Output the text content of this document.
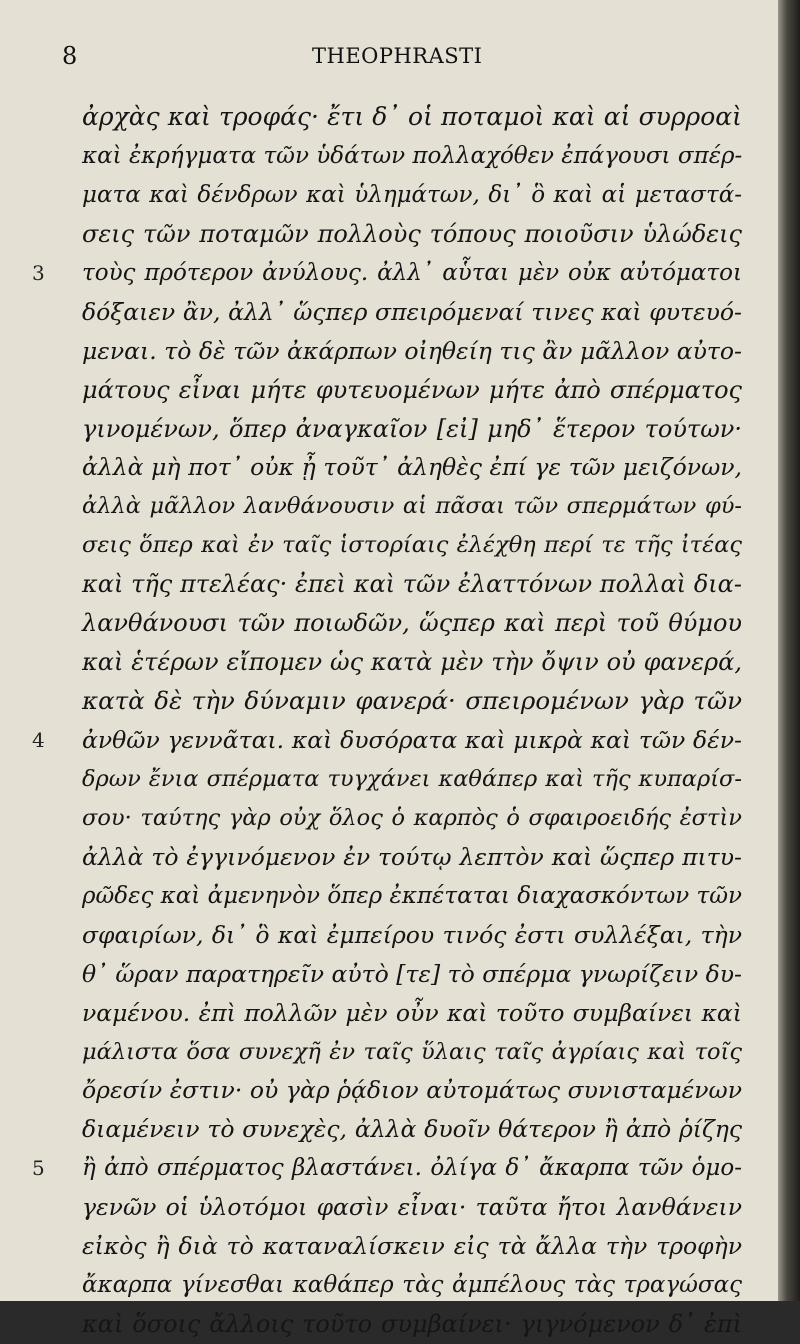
8	THEOPHRASTI
ἀρχὰς καὶ τροφάς· ἔτι δ᾽ οἱ ποταμοὶ καὶ αἱ συρροαὶ
καὶ ἐκρήγματα τῶν ὑδάτων πολλαχόθεν ἐπάγουσι σπέρ-
ματα καὶ δένδρων καὶ ὑλημάτων, δι᾽ ὃ καὶ αἱ μεταστά-
σεις τῶν ποταμῶν πολλοὺς τόπους ποιοῦσιν ὑλώδεις
3 τοὺς πρότερον ἀνύλους. ἀλλ᾽ αὗται μὲν οὐκ αὐτόματοι
δόξαιεν ἂν, ἀλλ᾽ ὥςπερ σπειρόμεναί τινες καὶ φυτευό-
μεναι. τὸ δὲ τῶν ἀκάρπων οἰηθείη τις ἂν μᾶλλον αὐτο-
μάτους εἶναι μήτε φυτευομένων μήτε ἀπὸ σπέρματος
γινομένων, ὅπερ ἀναγκαῖον [εἰ] μηδ᾽ ἕτερον τούτων·
ἀλλὰ μὴ ποτ᾽ οὐκ ᾖ τοῦτ᾽ ἀληθὲς ἐπί γε τῶν μειζόνων,
ἀλλὰ μᾶλλον λανθάνουσιν αἱ πᾶσαι τῶν σπερμάτων φύ-
σεις ὅπερ καὶ ἐν ταῖς ἱστορίαις ἐλέχθη περί τε τῆς ἰτέας
καὶ τῆς πτελέας· ἐπεὶ καὶ τῶν ἐλαττόνων πολλαὶ δια-
λανθάνουσι τῶν ποιωδῶν, ὥςπερ καὶ περὶ τοῦ θύμου
καὶ ἑτέρων εἴπομεν ὡς κατὰ μὲν τὴν ὄψιν οὐ φανερά,
κατὰ δὲ τὴν δύναμιν φανερά· σπειρομένων γὰρ τῶν
4 ἀνθῶν γεννᾶται. καὶ δυσόρατα καὶ μικρὰ καὶ τῶν δέν-
δρων ἔνια σπέρματα τυγχάνει καθάπερ καὶ τῆς κυπαρίσ-
σου· ταύτης γὰρ οὐχ ὅλος ὁ καρπὸς ὁ σφαιροειδής ἐστὶν
ἀλλὰ τὸ ἐγγινόμενον ἐν τούτῳ λεπτὸν καὶ ὥςπερ πιτυ-
ρῶδες καὶ ἀμενηνὸν ὅπερ ἐκπέταται διαχασκόντων τῶν
σφαιρίων, δι᾽ ὃ καὶ ἐμπείρου τινός ἐστι συλλέξαι, τὴν
θ᾽ ὥραν παρατηρεῖν αὐτὸ [τε] τὸ σπέρμα γνωρίζειν δυ-
ναμένου. ἐπὶ πολλῶν μὲν οὖν καὶ τοῦτο συμβαίνει καὶ
μάλιστα ὅσα συνεχῆ ἐν ταῖς ὕλαις ταῖς ἀγρίαις καὶ τοῖς
ὄρεσίν ἐστιν· οὐ γὰρ ῥᾴδιον αὐτομάτως συνισταμένων
διαμένειν τὸ συνεχὲς, ἀλλὰ δυοῖν θάτερον ἢ ἀπὸ ῥίζης
5 ἢ ἀπὸ σπέρματος βλαστάνει. ὀλίγα δ᾽ ἄκαρπα τῶν ὁμο-
γενῶν οἱ ὑλοτόμοι φασὶν εἶναι· ταῦτα ἤτοι λανθάνειν
εἰκὸς ἢ διὰ τὸ καταναλίσκειν εἰς τὰ ἄλλα τὴν τροφὴν
ἄκαρπα γίνεσθαι καθάπερ τὰς ἀμπέλους τὰς τραγώσας
καὶ ὅσοις ἄλλοις τοῦτο συμβαίνει· γιγνόμενον δ᾽ ἐπὶ
